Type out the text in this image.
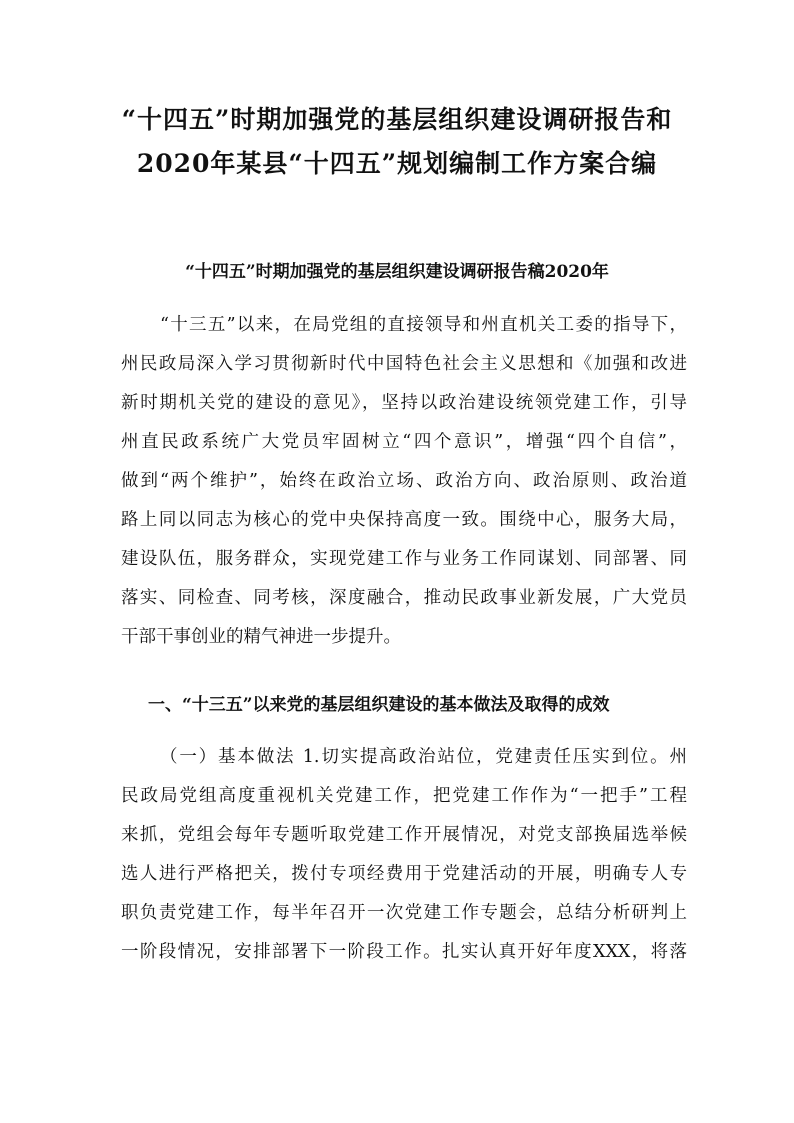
“十四五”时期加强党的基层组织建设调研报告和
2020年某县“十四五”规划编制工作方案合编
“十四五”时期加强党的基层组织建设调研报告稿2020年
“十三五”以来，在局党组的直接领导和州直机关工委的指导下，
州民政局深入学习贯彻新时代中国特色社会主义思想和《加强和改进
新时期机关党的建设的意见》，坚持以政治建设统领党建工作，引导
州直民政系统广大党员牢固树立“四个意识”，增强“四个自信”，
做到“两个维护”，始终在政治立场、政治方向、政治原则、政治道
路上同以同志为核心的党中央保持高度一致。围绕中心，服务大局，
建设队伍，服务群众，实现党建工作与业务工作同谋划、同部署、同
落实、同检查、同考核，深度融合，推动民政事业新发展，广大党员
干部干事创业的精气神进一步提升。
一、“十三五”以来党的基层组织建设的基本做法及取得的成效
（一）基本做法 1.切实提高政治站位，党建责任压实到位。州
民政局党组高度重视机关党建工作，把党建工作作为“一把手”工程
来抓，党组会每年专题听取党建工作开展情况，对党支部换届选举候
选人进行严格把关，拨付专项经费用于党建活动的开展，明确专人专
职负责党建工作，每半年召开一次党建工作专题会，总结分析研判上
一阶段情况，安排部署下一阶段工作。扎实认真开好年度XXX，将落
